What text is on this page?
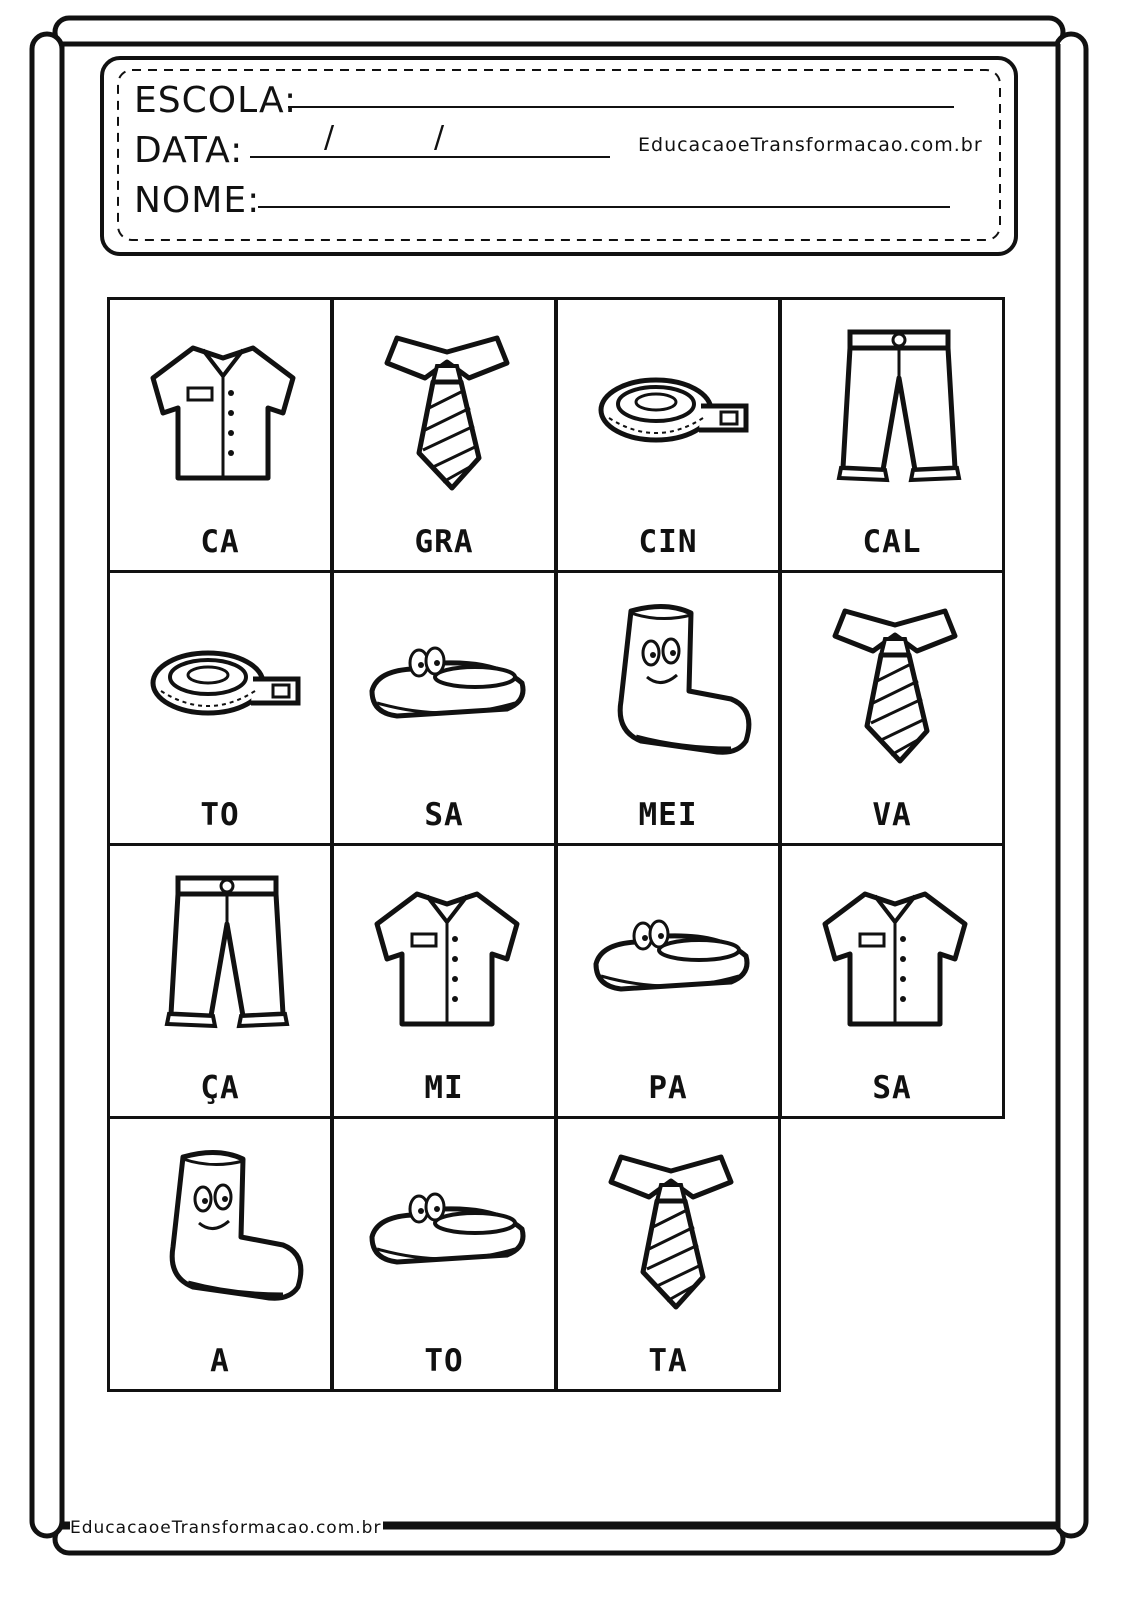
ESCOLA:
DATA:	/	/	EducacaoeTransformacao.com.br
NOME:
CA	GRA	CIN	CAL
TO	SA	MEI	VA
ÇA	MI	PA	SA
A	TO	TA
EducacaoeTransformacao.com.br
